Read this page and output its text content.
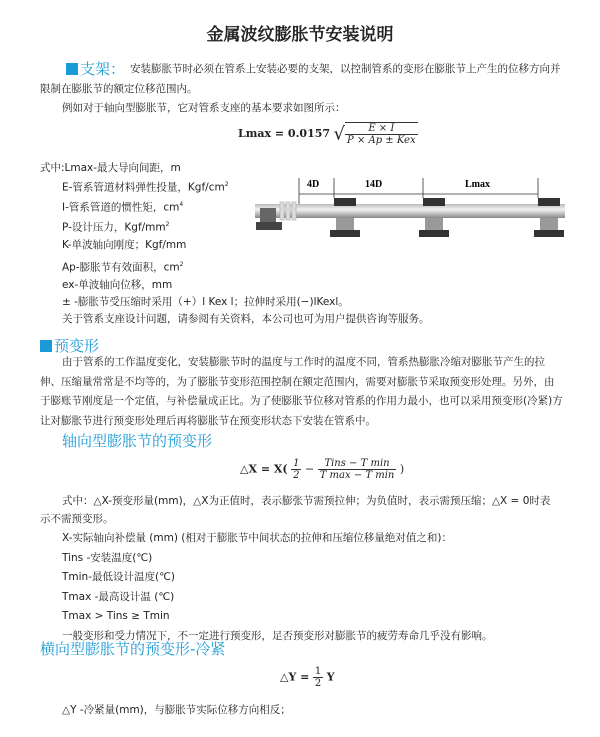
金属波纹膨胀节安装说明
支架： 安装膨胀节时必须在管系上安装必要的支架，以控制管系的变形在膨胀节上产生的位移方向并
限制在膨胀节的额定位移范围内。
例如对于轴向型膨胀节，它对管系支座的基本要求如图所示：
Lmax = 0.0157 √ $\frac{E \times I}{\text{P × Ap ± Kex}}$
式中:Lmax-最大导向间距，m
关于管系支座设计问题，请参阅有关资料，本公司也可为用户提供咨询等服务。
4D	14D	Lmax
预变形
轴向型膨胀节的预变形
△X = $X( \frac{1}{2} - \frac{\text{Tins − T min}}{\text{T max − T min}}$ )
式中：△X-预变形量(mm)，△X为正值时，表示膨张节需预拉伸；为负值时，表示需预压缩；△X = 0时表
示不需预变形。
横向型膨胀节的预变形-冷紧
△Y = $\frac{1}{2}$ Y
△Y -冷紧量(mm)，与膨胀节实际位移方向相反；
E-管系管道材料弹性投量，Kgf/$cm^2$
I-管系管道的惯性矩，$cm^4$
P-设计压力，Kgf/$mm^2$
K-单波轴向刚度；Kgf/mm
Ap-膨胀节有效面积，$cm^2$
ex-单波轴向位移，mm
± -膨胀节受压缩时采用（+）l Kex l；拉伸时采用(−)lKexl。
由于管系的工作温度变化，安装膨胀节时的温度与工作时的温度不同，管系热膨胀冷缩对膨胀节产生的拉
伸、压缩量常常是不均等的，为了膨胀节变形范围控制在额定范围内，需要对膨胀节采取预变形处理。另外，由
于膨账节刚度是一个定值，与补偿量成正比。为了使膨胀节位移对管系的作用力最小，也可以采用预变形(冷紧)方
让对膨胀节进行预变形处理后再将膨胀节在预变形状态下安装在管系中。
X-实际轴向补偿量 (mm) (相对于膨胀节中间状态的拉伸和压缩位移量绝对值之和)：
Tins -安装温度(℃)
Tmin-最低设计温度(℃)
Tmax -最高设计温 (℃)
Tmax > Tins ≥ Tmin
一般变形和受力情况下，不一定进行预变形，足否预变形对膨胀节的疲劳寿命几乎没有影响。
